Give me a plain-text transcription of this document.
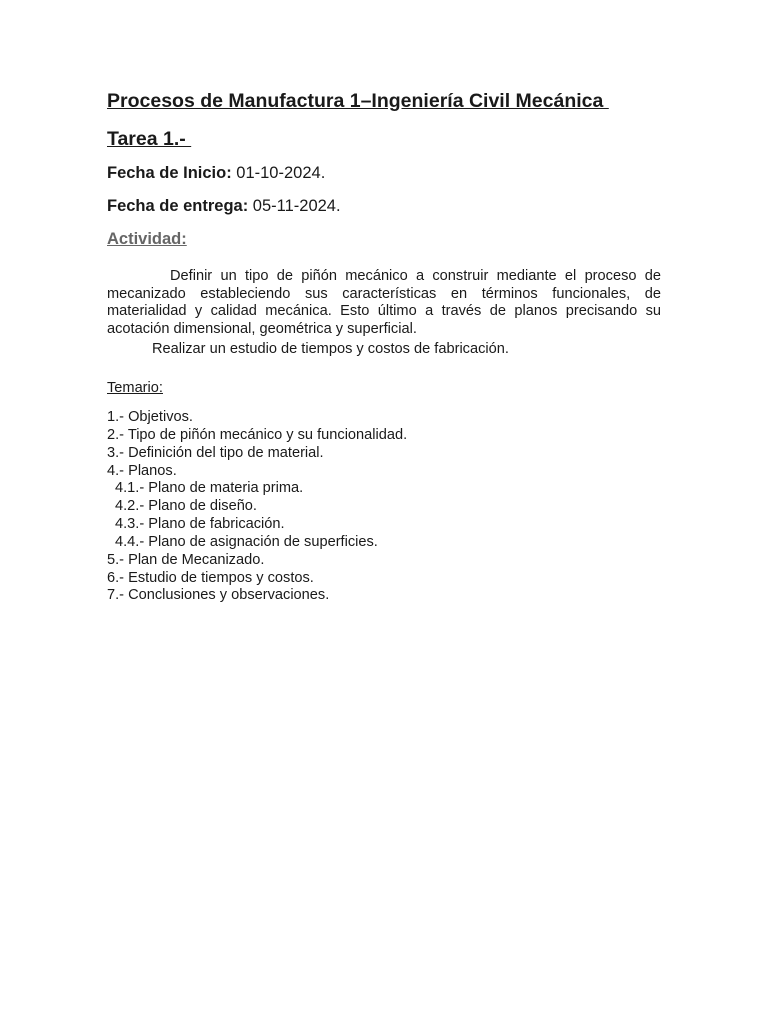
Procesos de Manufactura 1–Ingeniería Civil Mecánica
Tarea 1.-

Fecha de Inicio: 01-10-2024.

Fecha de entrega: 05-11-2024.

Actividad:

Definir un tipo de piñón mecánico a construir mediante el proceso de mecanizado estableciendo sus características en términos funcionales, de materialidad y calidad mecánica. Esto último a través de planos precisando su acotación dimensional, geométrica y superficial.

Realizar un estudio de tiempos y costos de fabricación.

Temario:

1.- Objetivos.
2.- Tipo de piñón mecánico y su funcionalidad.
3.- Definición del tipo de material.
4.- Planos.
4.1.- Plano de materia prima.
4.2.- Plano de diseño.
4.3.- Plano de fabricación.
4.4.- Plano de asignación de superficies.
5.- Plan de Mecanizado.
6.- Estudio de tiempos y costos.
7.- Conclusiones y observaciones.
